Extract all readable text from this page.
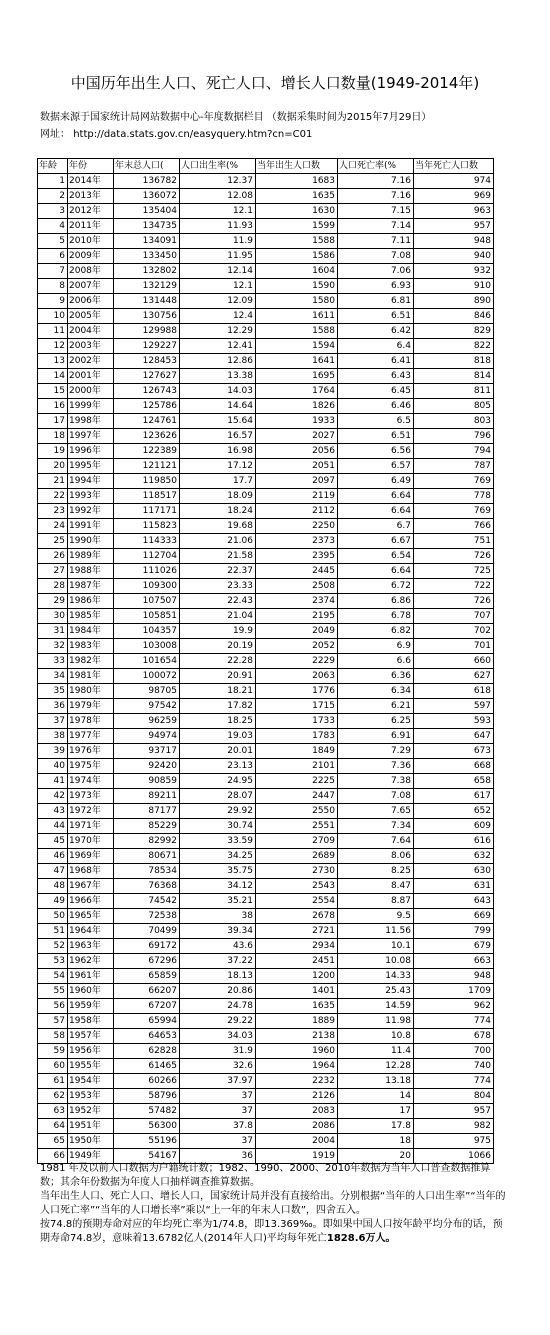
中国历年出生人口、死亡人口、增长人口数量(1949-2014年)
数据来源于国家统计局网站数据中心-年度数据栏目 （数据采集时间为2015年7月29日）
网址： http://data.stats.gov.cn/easyquery.htm?cn=C01
年龄	年份	年末总人口(	人口出生率(%	当年出生人口数	人口死亡率(%	当年死亡人口数
1	2014年	136782	12.37	1683	7.16	974
2	2013年	136072	12.08	1635	7.16	969
3	2012年	135404	12.1	1630	7.15	963
4	2011年	134735	11.93	1599	7.14	957
5	2010年	134091	11.9	1588	7.11	948
6	2009年	133450	11.95	1586	7.08	940
7	2008年	132802	12.14	1604	7.06	932
8	2007年	132129	12.1	1590	6.93	910
9	2006年	131448	12.09	1580	6.81	890
10	2005年	130756	12.4	1611	6.51	846
11	2004年	129988	12.29	1588	6.42	829
12	2003年	129227	12.41	1594	6.4	822
13	2002年	128453	12.86	1641	6.41	818
14	2001年	127627	13.38	1695	6.43	814
15	2000年	126743	14.03	1764	6.45	811
16	1999年	125786	14.64	1826	6.46	805
17	1998年	124761	15.64	1933	6.5	803
18	1997年	123626	16.57	2027	6.51	796
19	1996年	122389	16.98	2056	6.56	794
20	1995年	121121	17.12	2051	6.57	787
21	1994年	119850	17.7	2097	6.49	769
22	1993年	118517	18.09	2119	6.64	778
23	1992年	117171	18.24	2112	6.64	769
24	1991年	115823	19.68	2250	6.7	766
25	1990年	114333	21.06	2373	6.67	751
26	1989年	112704	21.58	2395	6.54	726
27	1988年	111026	22.37	2445	6.64	725
28	1987年	109300	23.33	2508	6.72	722
29	1986年	107507	22.43	2374	6.86	726
30	1985年	105851	21.04	2195	6.78	707
31	1984年	104357	19.9	2049	6.82	702
32	1983年	103008	20.19	2052	6.9	701
33	1982年	101654	22.28	2229	6.6	660
34	1981年	100072	20.91	2063	6.36	627
35	1980年	98705	18.21	1776	6.34	618
36	1979年	97542	17.82	1715	6.21	597
37	1978年	96259	18.25	1733	6.25	593
38	1977年	94974	19.03	1783	6.91	647
39	1976年	93717	20.01	1849	7.29	673
40	1975年	92420	23.13	2101	7.36	668
41	1974年	90859	24.95	2225	7.38	658
42	1973年	89211	28.07	2447	7.08	617
43	1972年	87177	29.92	2550	7.65	652
44	1971年	85229	30.74	2551	7.34	609
45	1970年	82992	33.59	2709	7.64	616
46	1969年	80671	34.25	2689	8.06	632
47	1968年	78534	35.75	2730	8.25	630
48	1967年	76368	34.12	2543	8.47	631
49	1966年	74542	35.21	2554	8.87	643
50	1965年	72538	38	2678	9.5	669
51	1964年	70499	39.34	2721	11.56	799
52	1963年	69172	43.6	2934	10.1	679
53	1962年	67296	37.22	2451	10.08	663
54	1961年	65859	18.13	1200	14.33	948
55	1960年	66207	20.86	1401	25.43	1709
56	1959年	67207	24.78	1635	14.59	962
57	1958年	65994	29.22	1889	11.98	774
58	1957年	64653	34.03	2138	10.8	678
59	1956年	62828	31.9	1960	11.4	700
60	1955年	61465	32.6	1964	12.28	740
61	1954年	60266	37.97	2232	13.18	774
62	1953年	58796	37	2126	14	804
63	1952年	57482	37	2083	17	957
64	1951年	56300	37.8	2086	17.8	982
65	1950年	55196	37	2004	18	975
66	1949年	54167	36	1919	20	1066

1981 年及以前人口数据为户籍统计数；1982、1990、2000、2010年数据为当年人口普查数据推算数；其余年份数据为年度人口抽样调查推算数据。

当年出生人口、死亡人口、增长人口，国家统计局并没有直接给出。分别根据“当年的人口出生率”“当年的人口死亡率”“当年的人口增长率”乘以“上一年的年末人口数”，四舍五入。

按74.8的预期寿命对应的年均死亡率为1/74.8，即13.369‰。即如果中国人口按年龄平均分布的话，预期寿命74.8岁，意味着13.6782亿人(2014年人口)平均每年死亡1828.6万人。
